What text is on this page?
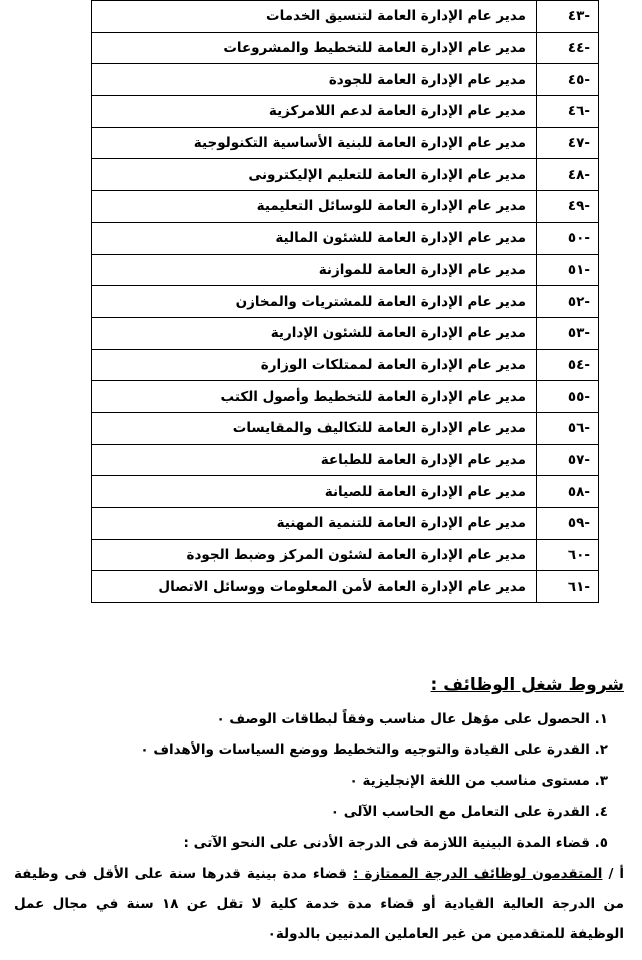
-٤٣	مدير عام الإدارة العامة لتنسيق الخدمات
-٤٤	مدير عام الإدارة العامة للتخطيط والمشروعات
-٤٥	مدير عام الإدارة العامة للجودة
-٤٦	مدير عام الإدارة العامة لدعم اللامركزية
-٤٧	مدير عام الإدارة العامة للبنية الأساسية التكنولوجية
-٤٨	مدير عام الإدارة العامة للتعليم الإليكترونى
-٤٩	مدير عام الإدارة العامة للوسائل التعليمية
-٥٠	مدير عام الإدارة العامة للشئون المالية
-٥١	مدير عام الإدارة العامة للموازنة
-٥٢	مدير عام الإدارة العامة للمشتريات والمخازن
-٥٣	مدير عام الإدارة العامة للشئون الإدارية
-٥٤	مدير عام الإدارة العامة لممتلكات الوزارة
-٥٥	مدير عام الإدارة العامة للتخطيط وأصول الكتب
-٥٦	مدير عام الإدارة العامة للتكاليف والمقايسات
-٥٧	مدير عام الإدارة العامة للطباعة
-٥٨	مدير عام الإدارة العامة للصيانة
-٥٩	مدير عام الإدارة العامة للتنمية المهنية
-٦٠	مدير عام الإدارة العامة لشئون المركز وضبط الجودة
-٦١	مدير عام الإدارة العامة لأمن المعلومات ووسائل الاتصال
شروط شغل الوظائف :
١. الحصول على مؤهل عال مناسب وفقاً لبطاقات الوصف ٠
٢. القدرة على القيادة والتوجيه والتخطيط ووضع السياسات والأهداف ٠
٣. مستوى مناسب من اللغة الإنجليزية ٠
٤. القدرة على التعامل مع الحاسب الآلى ٠
٥. قضاء المدة البينية اللازمة فى الدرجة الأدنى على النحو الآتى :
أ / المتقدمون لوظائف الدرجة الممتازة : قضاء مدة بينية قدرها سنة على الأقل فى وظيفة من الدرجة العالية القيادية أو قضاء مدة خدمة كلية لا تقل عن ١٨ سنة في مجال عمل الوظيفة للمتقدمين من غير العاملين المدنيين بالدولة٠
